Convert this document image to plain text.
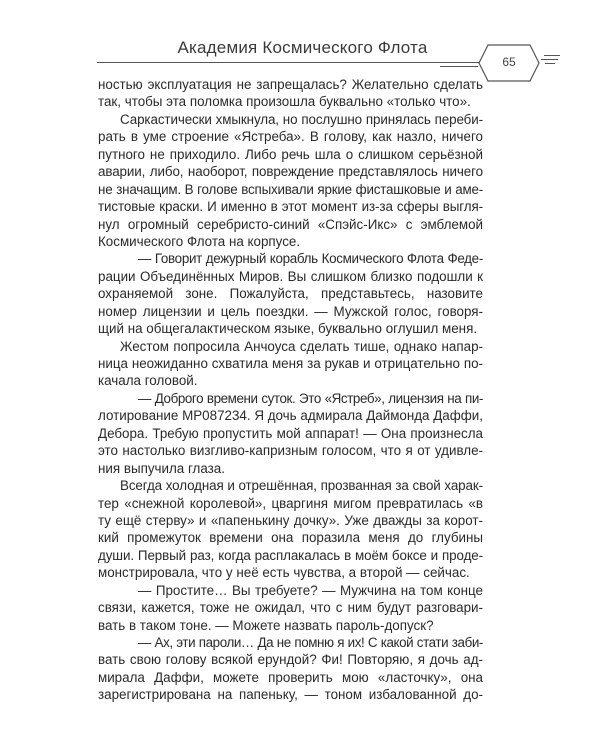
Академия Космического Флота
65
ностью эксплуатация не запрещалась? Желательно сделать
так, чтобы эта поломка произошла буквально «только что».
Саркастически хмыкнула, но послушно принялась переби-
рать в уме строение «Ястреба». В голову, как назло, ничего
путного не приходило. Либо речь шла о слишком серьёзной
аварии, либо, наоборот, повреждение представлялось ничего
не значащим. В голове вспыхивали яркие фисташковые и аме-
тистовые краски. И именно в этот момент из-за сферы выгля-
нул огромный серебристо-синий «Спэйс-Икс» с эмблемой
Космического Флота на корпусе.
— Говорит дежурный корабль Космического Флота Феде-
рации Объединённых Миров. Вы слишком близко подошли к
охраняемой зоне. Пожалуйста, представьтесь, назовите
номер лицензии и цель поездки. — Мужской голос, говоря-
щий на общегалактическом языке, буквально оглушил меня.
Жестом попросила Анчоуса сделать тише, однако напар-
ница неожиданно схватила меня за рукав и отрицательно по-
качала головой.
— Доброго времени суток. Это «Ястреб», лицензия на пи-
лотирование MP087234. Я дочь адмирала Даймонда Даффи,
Дебора. Требую пропустить мой аппарат! — Она произнесла
это настолько визгливо-капризным голосом, что я от удивле-
ния выпучила глаза.
Всегда холодная и отрешённая, прозванная за свой харак-
тер «снежной королевой», цваргиня мигом превратилась «в
ту ещё стерву» и «папенькину дочку». Уже дважды за корот-
кий промежуток времени она поразила меня до глубины
души. Первый раз, когда расплакалась в моём боксе и проде-
монстрировала, что у неё есть чувства, а второй — сейчас.
— Простите… Вы требуете? — Мужчина на том конце
связи, кажется, тоже не ожидал, что с ним будут разговари-
вать в таком тоне. — Можете назвать пароль-допуск?
— Ах, эти пароли… Да не помню я их! С какой стати заби-
вать свою голову всякой ерундой? Фи! Повторяю, я дочь ад-
мирала Даффи, можете проверить мою «ласточку», она
зарегистрирована на папеньку, — тоном избалованной до-
